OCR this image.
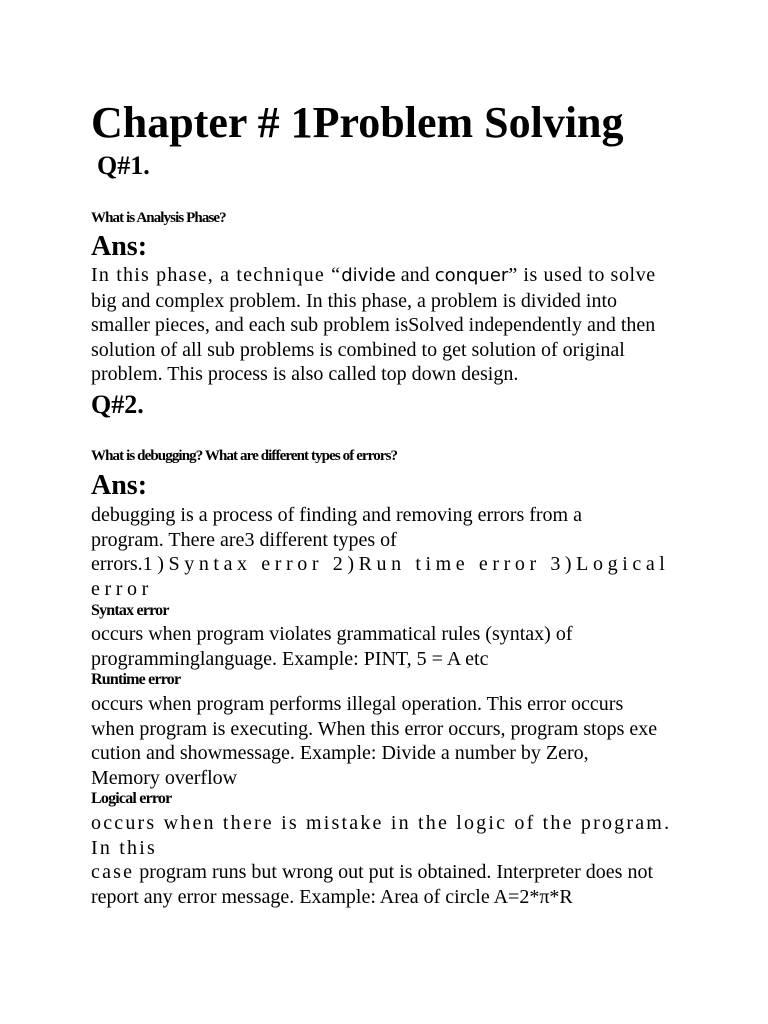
Chapter # 1Problem Solving
Q#1.
What is Analysis Phase?
Ans:
In this phase, a technique “divide and conquer” is used to solve
big and complex problem. In this phase, a problem is divided into
smaller pieces, and each sub problem isSolved independently and then
solution of all sub problems is combined to get solution of original
problem. This process is also called top down design.
Q#2.
What is debugging? What are different types of errors?
Ans:
debugging is a process of finding and removing errors from a
program. There are3 different types of
errors.1)Syntax error 2)Run time error 3)Logical
error
Syntax error
occurs when program violates grammatical rules (syntax) of
programminglanguage. Example: PINT, 5 = A etc
Runtime error
occurs when program performs illegal operation. This error occurs
when program is executing. When this error occurs, program stops exe
cution and showmessage. Example: Divide a number by Zero,
Memory overflow
Logical error
occurs when there is mistake in the logic of the program.
In this
case program runs but wrong out put is obtained. Interpreter does not
report any error message. Example: Area of circle A=2*π*R
